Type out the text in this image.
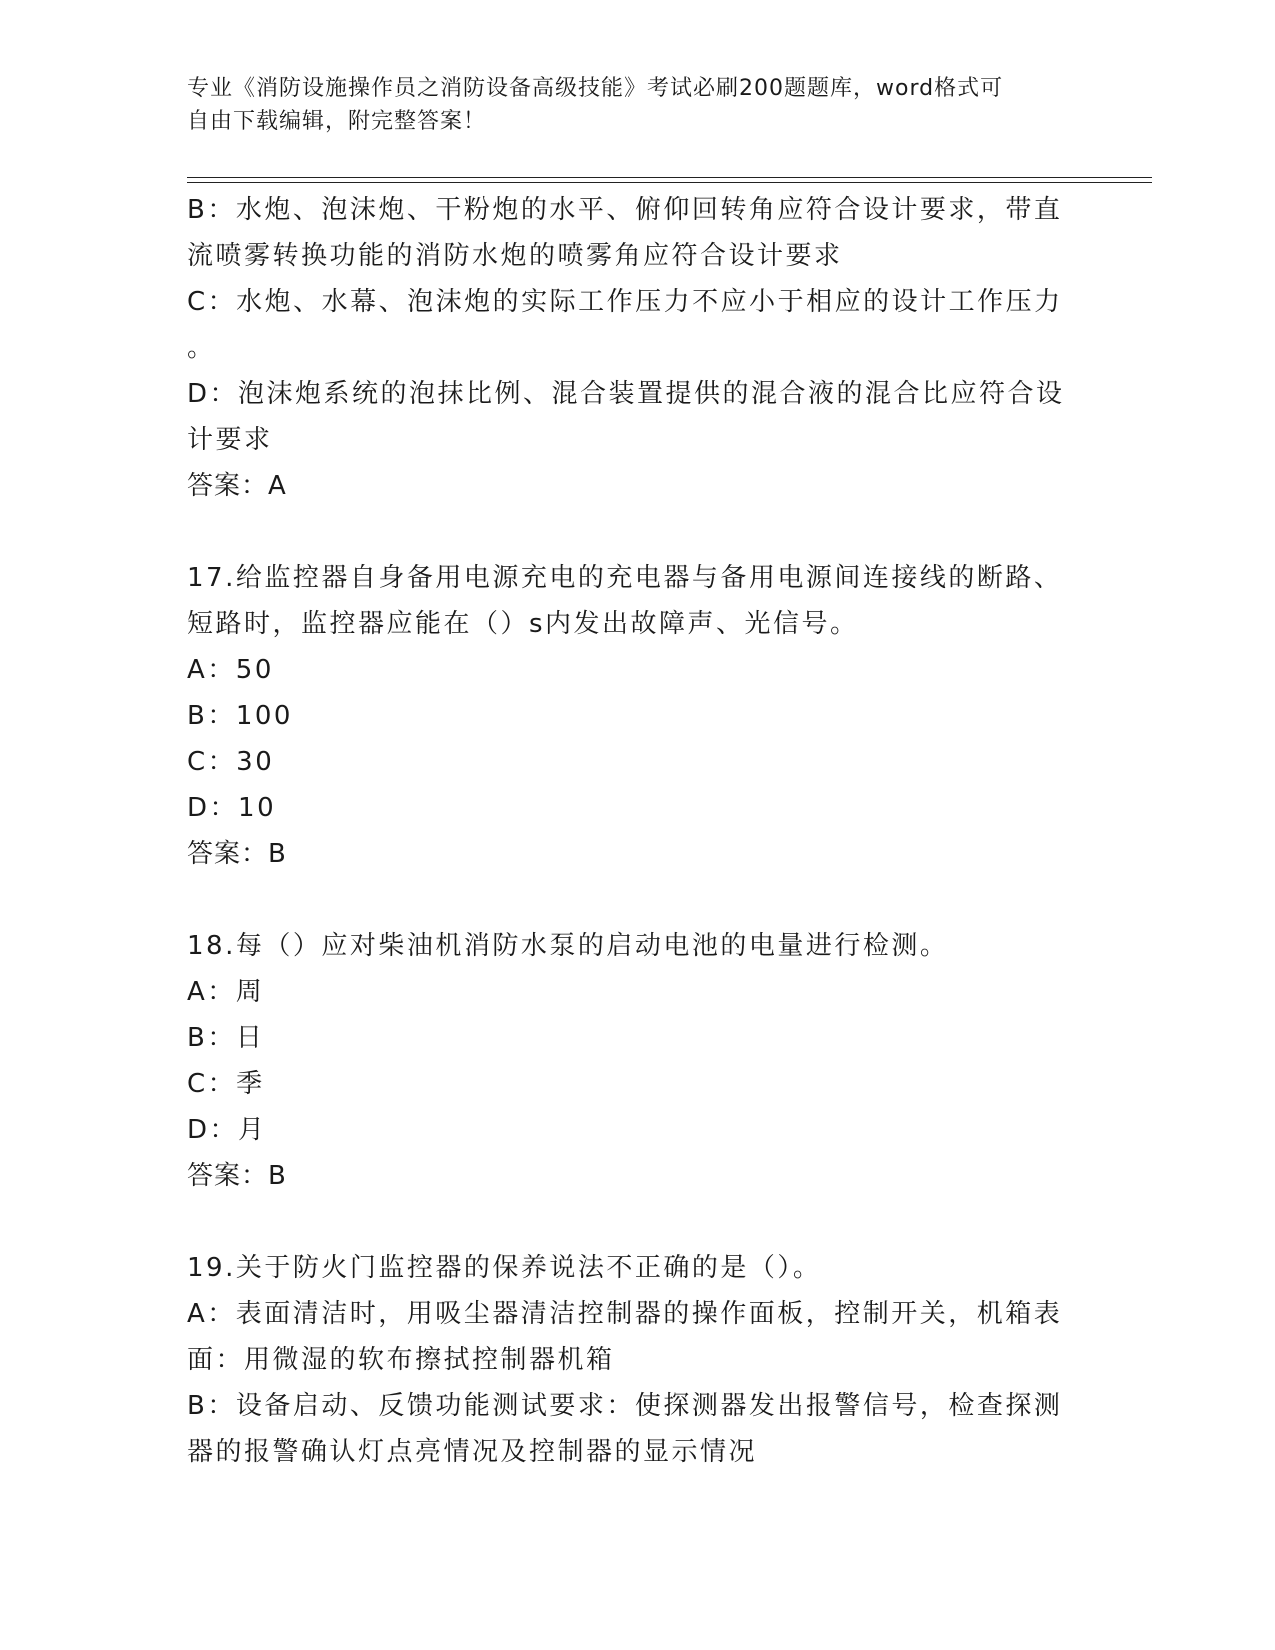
专业《消防设施操作员之消防设备高级技能》考试必刷200题题库，word格式可
自由下载编辑，附完整答案！
B：水炮、泡沫炮、干粉炮的水平、俯仰回转角应符合设计要求，带直
流喷雾转换功能的消防水炮的喷雾角应符合设计要求
C：水炮、水幕、泡沫炮的实际工作压力不应小于相应的设计工作压力
。
D：泡沫炮系统的泡抹比例、混合装置提供的混合液的混合比应符合设
计要求
答案：A
17.给监控器自身备用电源充电的充电器与备用电源间连接线的断路、
短路时，监控器应能在（）s内发出故障声、光信号。
A：50
B：100
C：30
D：10
答案：B
18.每（）应对柴油机消防水泵的启动电池的电量进行检测。
A：周
B：日
C：季
D：月
答案：B
19.关于防火门监控器的保养说法不正确的是（）。
A：表面清洁时，用吸尘器清洁控制器的操作面板，控制开关，机箱表
面：用微湿的软布擦拭控制器机箱
B：设备启动、反馈功能测试要求：使探测器发出报警信号，检查探测
器的报警确认灯点亮情况及控制器的显示情况
